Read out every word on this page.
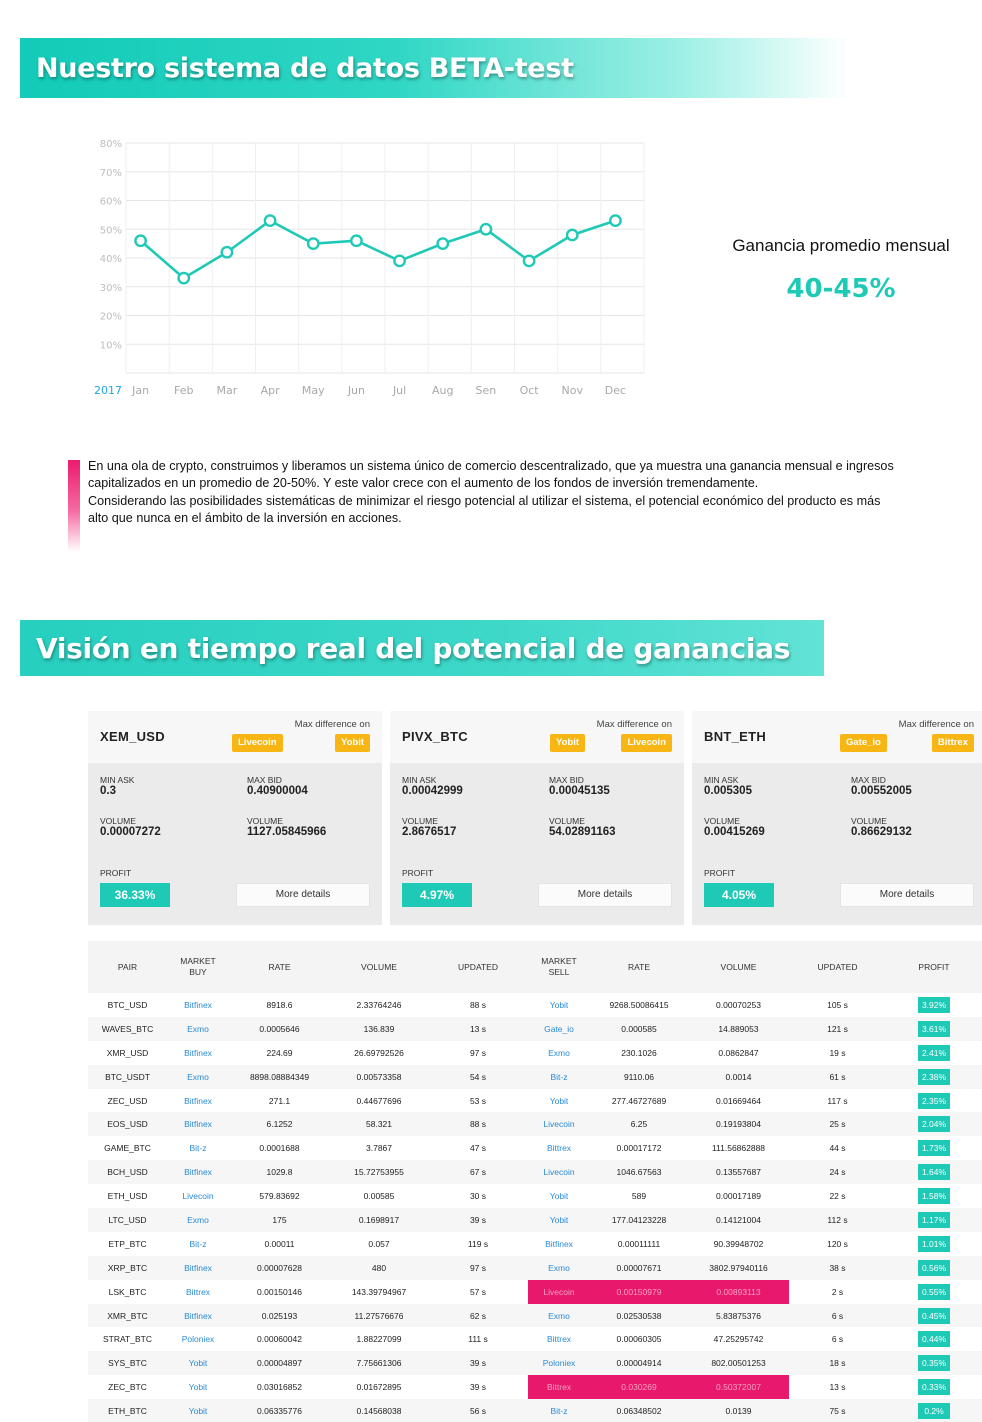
Nuestro sistema de datos BETA-test
10%
20%
30%
40%
50%
60%
70%
80%
2017 Jan Feb Mar Apr May Jun	Jul Aug Sen Oct Nov Dec
Ganancia promedio mensual
40-45%

En una ola de crypto, construimos y liberamos un sistema único de comercio descentralizado, que ya muestra una ganancia mensual e ingresos capitalizados en un promedio de 20-50%. Y este valor crece con el aumento de los fondos de inversión tremendamente.

Considerando las posibilidades sistemáticas de minimizar el riesgo potencial al utilizar el sistema, el potencial económico del producto es más alto que nunca en el ámbito de la inversión en acciones.

Visión en tiempo real del potencial de ganancias
XEM_USD
Max difference on
Livecoin	Yobit
MIN ASK
0.3
MAX BID
0.40900004
VOLUME
0.00007272
VOLUME
1127.05845966
PROFIT
36.33%	More details
PIVX_BTC
Max difference on
Yobit	Livecoin
MIN ASK
0.00042999
MAX BID
0.00045135
VOLUME
2.8676517
VOLUME
54.02891163
PROFIT
4.97%	More details
BNT_ETH
Max difference on
Gate_io	Bittrex
MIN ASK
0.005305
MAX BID
0.00552005
VOLUME
0.00415269
VOLUME
0.86629132
PROFIT
4.05%	More details
PAIR	MARKET BUY	RATE	VOLUME	UPDATED	MARKET SELL	RATE	VOLUME	UPDATED	PROFIT
BTC_USD	Bitfinex	8918.6	2.33764246	88 s	Yobit	9268.50086415	0.00070253	105 s	3.92%
WAVES_BTC	Exmo	0.0005646	136.839	13 s	Gate_io	0.000585	14.889053	121 s	3.61%
XMR_USD	Bitfinex	224.69	26.69792526	97 s	Exmo	230.1026	0.0862847	19 s	2.41%
BTC_USDT	Exmo	8898.08884349	0.00573358	54 s	Bit-z	9110.06	0.0014	61 s	2.38%
ZEC_USD	Bitfinex	271.1	0.44677696	53 s	Yobit	277.46727689	0.01669464	117 s	2.35%
EOS_USD	Bitfinex	6.1252	58.321	88 s	Livecoin	6.25	0.19193804	25 s	2.04%
GAME_BTC	Bit-z	0.0001688	3.7867	47 s	Bittrex	0.00017172	111.56862888	44 s	1.73%
BCH_USD	Bitfinex	1029.8	15.72753955	67 s	Livecoin	1046.67563	0.13557687	24 s	1.64%
ETH_USD	Livecoin	579.83692	0.00585	30 s	Yobit	589	0.00017189	22 s	1.58%
LTC_USD	Exmo	175	0.1698917	39 s	Yobit	177.04123228	0.14121004	112 s	1.17%
ETP_BTC	Bit-z	0.00011	0.057	119 s	Bitfinex	0.00011111	90.39948702	120 s	1.01%
XRP_BTC	Bitfinex	0.00007628	480	97 s	Exmo	0.00007671	3802.97940116	38 s	0.56%
LSK_BTC	Bittrex	0.00150146	143.39794967	57 s	Livecoin	0.00150979	0.00893113	2 s	0.55%
XMR_BTC	Bitfinex	0.025193	11.27576676	62 s	Exmo	0.02530538	5.83875376	6 s	0.45%
STRAT_BTC	Poloniex	0.00060042	1.88227099	111 s	Bittrex	0.00060305	47.25295742	6 s	0.44%
SYS_BTC	Yobit	0.00004897	7.75661306	39 s	Poloniex	0.00004914	802.00501253	18 s	0.35%
ZEC_BTC	Yobit	0.03016852	0.01672895	39 s	Bittrex	0.030269	0.50372007	13 s	0.33%
ETH_BTC	Yobit	0.06335776	0.14568038	56 s	Bit-z	0.06348502	0.0139	75 s	0.2%
